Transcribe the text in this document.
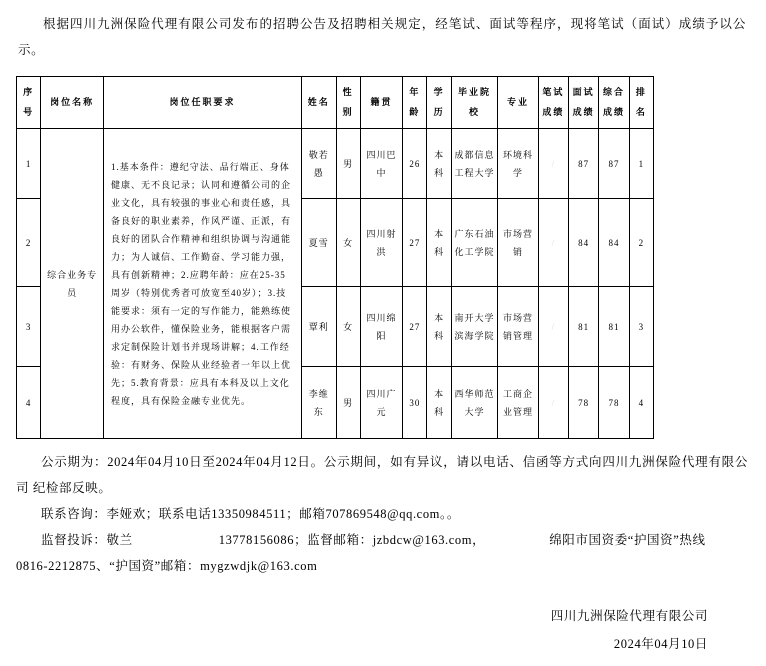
根据四川九洲保险代理有限公司发布的招聘公告及招聘相关规定，经笔试、面试等程序，现将笔试（面试）成绩予以公示。

序号	岗位名称	岗位任职要求	姓名	性别	籍贯	年龄	学历	毕业院校	专业	笔试成绩	面试成绩	综合成绩	排名
1	综合业务专员	1.基本条件：遵纪守法、品行端正、身体健康、无不良记录；认同和遵循公司的企业文化，具有较强的事业心和责任感，具备良好的职业素养，作风严谨、正派，有良好的团队合作精神和组织协调与沟通能力；为人诚信、工作勤奋、学习能力强，具有创新精神；2.应聘年龄：应在25-35周岁（特别优秀者可放宽至40岁）；3.技能要求：须有一定的写作能力，能熟练使用办公软件，懂保险业务，能根据客户需求定制保险计划书并现场讲解；4.工作经验：有财务、保险从业经验者一年以上优先；5.教育背景：应具有本科及以上文化程度，具有保险金融专业优先。	敬若愚	男	四川巴中	26	本科	成都信息工程大学	环境科学	/	87	87	1
2			夏雪	女	四川射洪	27	本科	广东石油化工学院	市场营销	/	84	84	2
3			覃利	女	四川绵阳	27	本科	南开大学滨海学院	市场营销管理	/	81	81	3
4			李维东	男	四川广元	30	本科	西华师范大学	工商企业管理	/	78	78	4

公示期为：2024年04月10日至2024年04月12日。公示期间，如有异议，请以电话、信函等方式向四川九洲保险代理有限公司 纪检部反映。

联系咨询：李娅欢；联系电话13350984511；邮箱707869548@qq.com。。

监督投诉：敬兰	13778156086；监督邮箱：jzbdcw@163.com，	绵阳市国资委“护国资”热线

0816-2212875、“护国资”邮箱：mygzwdjk@163.com

四川九洲保险代理有限公司

2024年04月10日
